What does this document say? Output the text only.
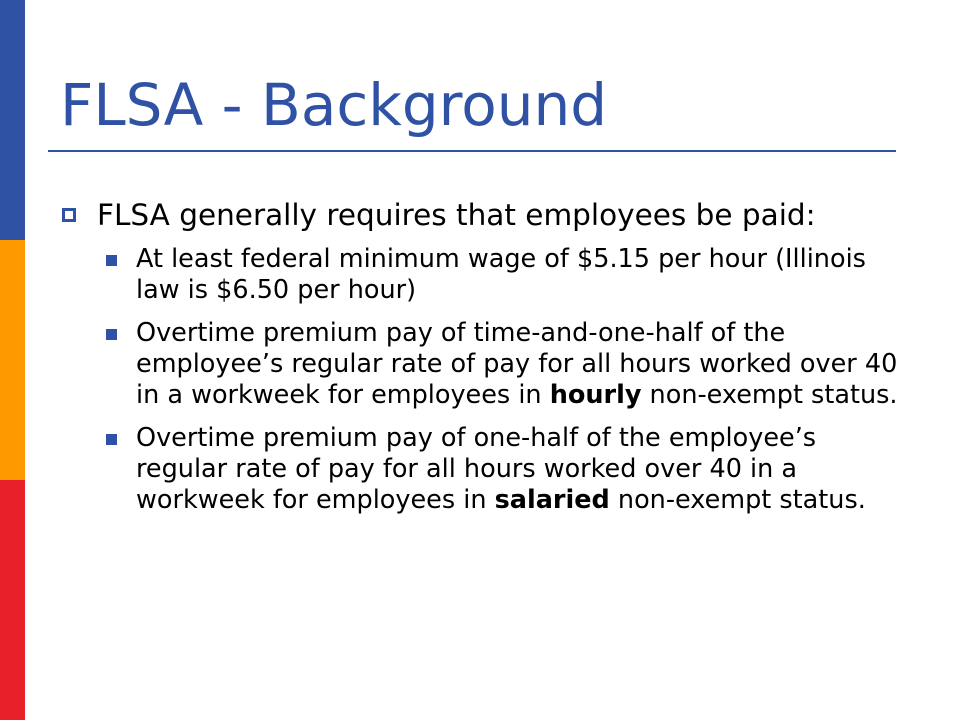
FLSA - Background
FLSA generally requires that employees be paid:
At least federal minimum wage of $5.15 per hour (Illinois law is $6.50 per hour)
Overtime premium pay of time-and-one-half of the employee’s regular rate of pay for all hours worked over 40 in a workweek for employees in hourly non-exempt status.
Overtime premium pay of one-half of the employee’s regular rate of pay for all hours worked over 40 in a workweek for employees in salaried non-exempt status.
